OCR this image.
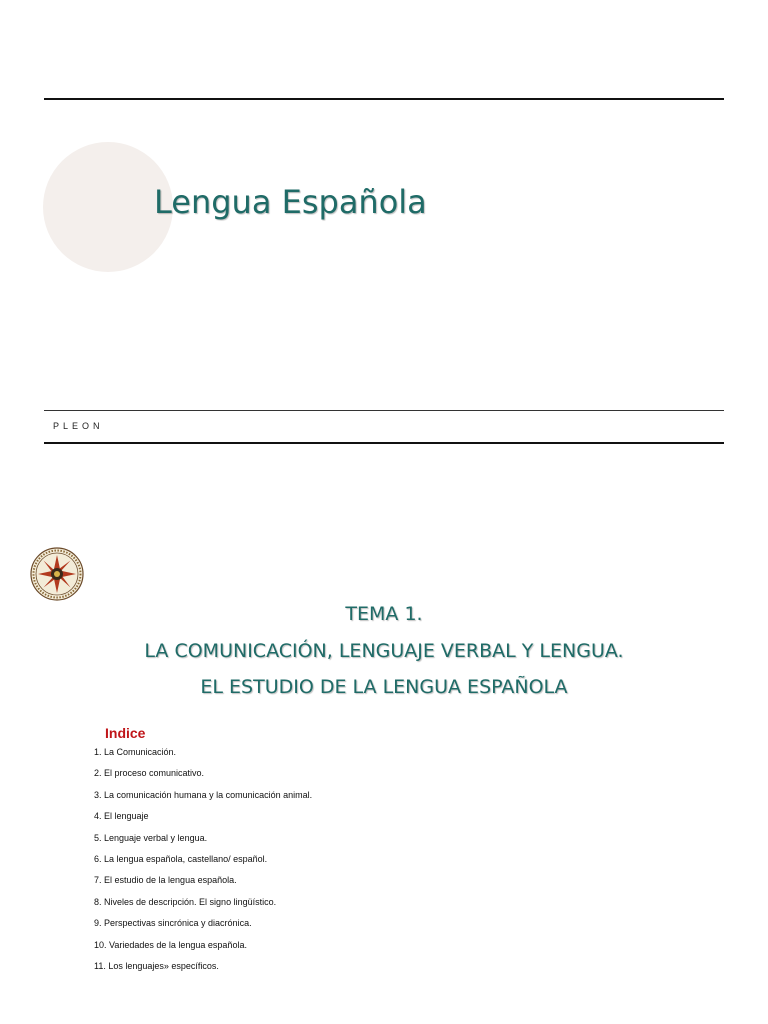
Lengua Española
PLEON
TEMA 1.
LA COMUNICACIÓN, LENGUAJE VERBAL Y LENGUA.
EL ESTUDIO DE LA LENGUA ESPAÑOLA
Indice
1. La Comunicación.
2. El proceso comunicativo.
3. La comunicación humana y la comunicación animal.
4. El lenguaje
5. Lenguaje verbal y lengua.
6. La lengua española, castellano/ español.
7. El estudio de la lengua española.
8. Niveles de descripción. El signo lingüístico.
9. Perspectivas sincrónica y diacrónica.
10. Variedades de la lengua española.
11. Los lenguajes» específicos.
